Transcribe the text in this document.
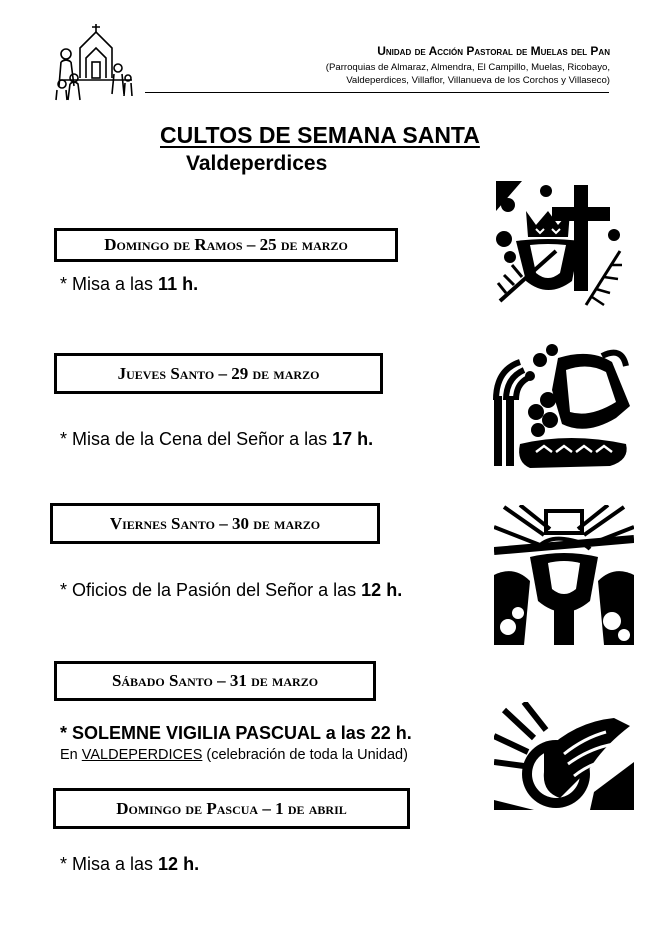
Unidad de Acción Pastoral de Muelas del Pan
(Parroquias de Almaraz, Almendra, El Campillo, Muelas, Ricobayo,
Valdeperdices, Villaflor, Villanueva de los Corchos y Villaseco)
CULTOS DE SEMANA SANTA
Valdeperdices
Domingo de Ramos
–
25 de marzo
* Misa a las 11 h.
Jueves Santo
–
29 de marzo
* Misa de la Cena del Señor a las 17 h.
Viernes Santo
–
30 de marzo
* Oficios de la Pasión del Señor a las 12 h.
Sábado Santo
–
31 de marzo
* SOLEMNE VIGILIA PASCUAL a las 22 h.
En VALDEPERDICES (celebración de toda la Unidad)
Domingo de Pascua
–
1 de abril
* Misa a las 12 h.
